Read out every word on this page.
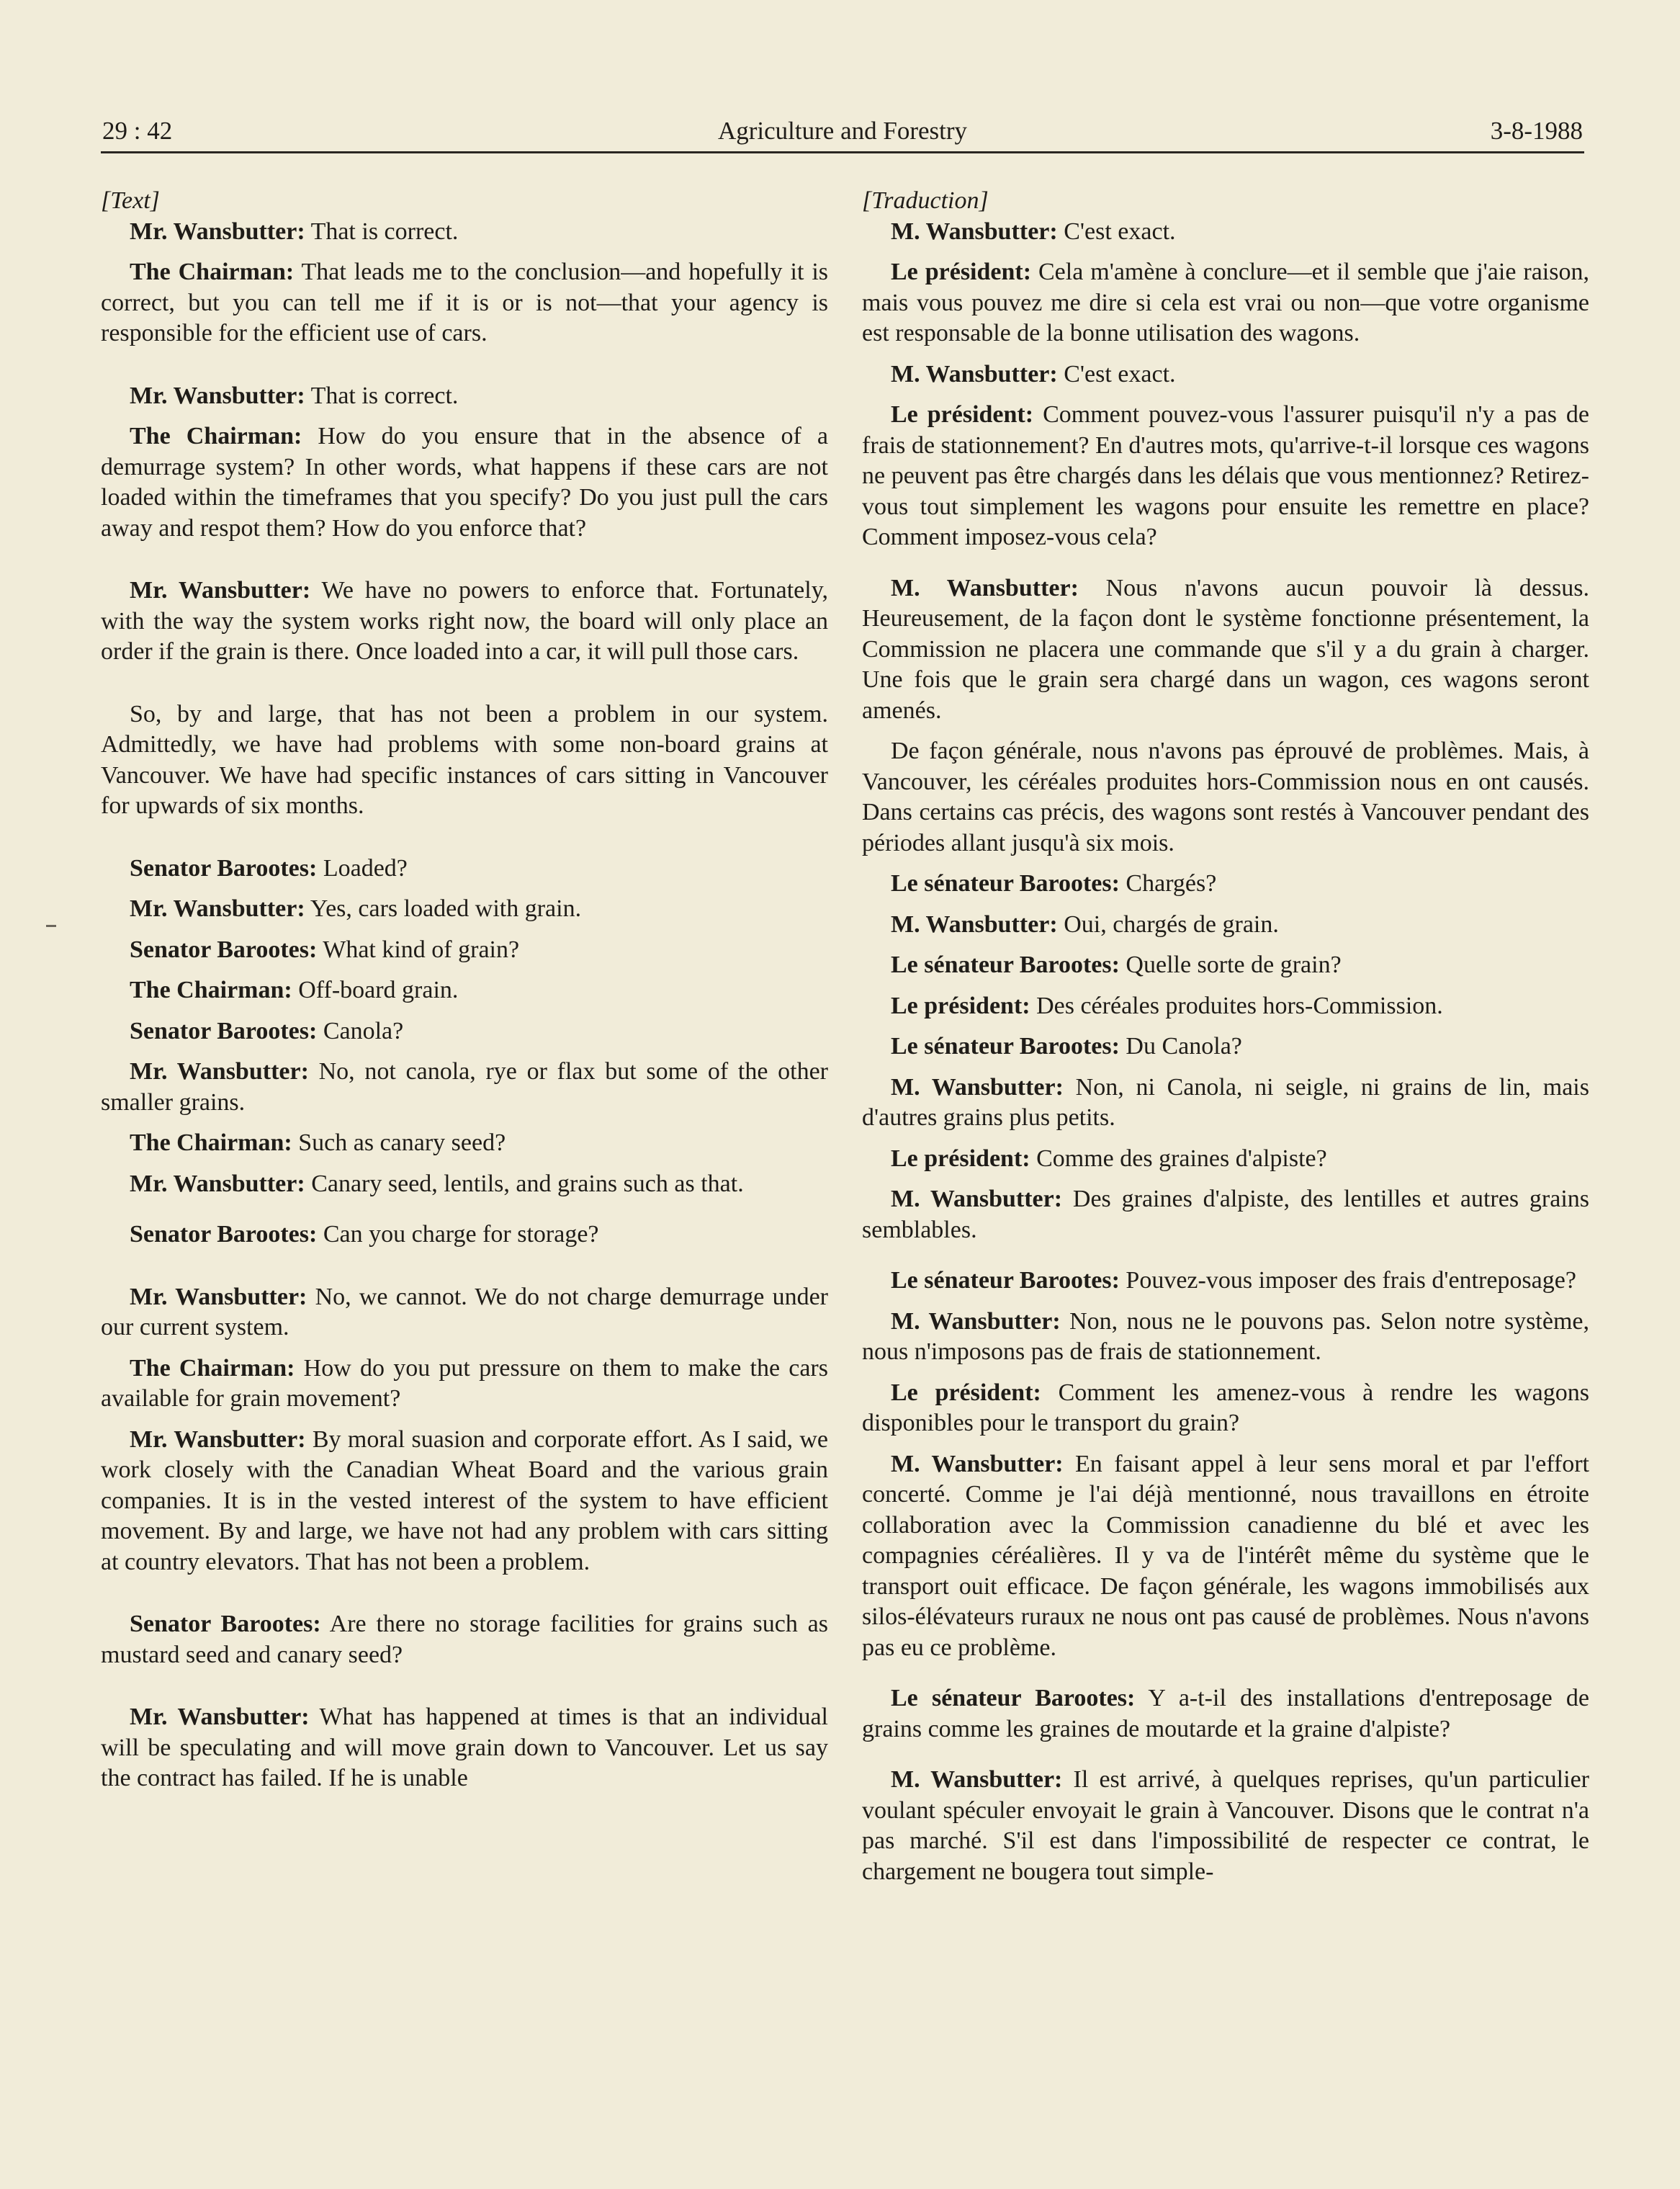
29 : 42	Agriculture and Forestry	3-8-1988

[Text]

Mr. Wansbutter: That is correct.

The Chairman: That leads me to the conclusion—and hopefully it is correct, but you can tell me if it is or is not—that your agency is responsible for the efficient use of cars.

Mr. Wansbutter: That is correct.

The Chairman: How do you ensure that in the absence of a demurrage system? In other words, what happens if these cars are not loaded within the timeframes that you specify? Do you just pull the cars away and respot them? How do you enforce that?

Mr. Wansbutter: We have no powers to enforce that. Fortunately, with the way the system works right now, the board will only place an order if the grain is there. Once loaded into a car, it will pull those cars.

So, by and large, that has not been a problem in our system. Admittedly, we have had problems with some non-board grains at Vancouver. We have had specific instances of cars sitting in Vancouver for upwards of six months.

Senator Barootes: Loaded?

Mr. Wansbutter: Yes, cars loaded with grain.

Senator Barootes: What kind of grain?

The Chairman: Off-board grain.

Senator Barootes: Canola?

Mr. Wansbutter: No, not canola, rye or flax but some of the other smaller grains.

The Chairman: Such as canary seed?

Mr. Wansbutter: Canary seed, lentils, and grains such as that.

Senator Barootes: Can you charge for storage?

Mr. Wansbutter: No, we cannot. We do not charge demurrage under our current system.

The Chairman: How do you put pressure on them to make the cars available for grain movement?

Mr. Wansbutter: By moral suasion and corporate effort. As I said, we work closely with the Canadian Wheat Board and the various grain companies. It is in the vested interest of the system to have efficient movement. By and large, we have not had any problem with cars sitting at country elevators. That has not been a problem.

Senator Barootes: Are there no storage facilities for grains such as mustard seed and canary seed?

Mr. Wansbutter: What has happened at times is that an individual will be speculating and will move grain down to Vancouver. Let us say the contract has failed. If he is unable

[Traduction]

M. Wansbutter: C'est exact.

Le président: Cela m'amène à conclure—et il semble que j'aie raison, mais vous pouvez me dire si cela est vrai ou non—que votre organisme est responsable de la bonne utilisation des wagons.

M. Wansbutter: C'est exact.

Le président: Comment pouvez-vous l'assurer puisqu'il n'y a pas de frais de stationnement? En d'autres mots, qu'arrive-t-il lorsque ces wagons ne peuvent pas être chargés dans les délais que vous mentionnez? Retirez-vous tout simplement les wagons pour ensuite les remettre en place? Comment imposez-vous cela?

M. Wansbutter: Nous n'avons aucun pouvoir là dessus. Heureusement, de la façon dont le système fonctionne présentement, la Commission ne placera une commande que s'il y a du grain à charger. Une fois que le grain sera chargé dans un wagon, ces wagons seront amenés.

De façon générale, nous n'avons pas éprouvé de problèmes. Mais, à Vancouver, les céréales produites hors-Commission nous en ont causés. Dans certains cas précis, des wagons sont restés à Vancouver pendant des périodes allant jusqu'à six mois.

Le sénateur Barootes: Chargés?

M. Wansbutter: Oui, chargés de grain.

Le sénateur Barootes: Quelle sorte de grain?

Le président: Des céréales produites hors-Commission.

Le sénateur Barootes: Du Canola?

M. Wansbutter: Non, ni Canola, ni seigle, ni grains de lin, mais d'autres grains plus petits.

Le président: Comme des graines d'alpiste?

M. Wansbutter: Des graines d'alpiste, des lentilles et autres grains semblables.

Le sénateur Barootes: Pouvez-vous imposer des frais d'entreposage?

M. Wansbutter: Non, nous ne le pouvons pas. Selon notre système, nous n'imposons pas de frais de stationnement.

Le président: Comment les amenez-vous à rendre les wagons disponibles pour le transport du grain?

M. Wansbutter: En faisant appel à leur sens moral et par l'effort concerté. Comme je l'ai déjà mentionné, nous travaillons en étroite collaboration avec la Commission canadienne du blé et avec les compagnies céréalières. Il y va de l'intérêt même du système que le transport ouit efficace. De façon générale, les wagons immobilisés aux silos-élévateurs ruraux ne nous ont pas causé de problèmes. Nous n'avons pas eu ce problème.

Le sénateur Barootes: Y a-t-il des installations d'entreposage de grains comme les graines de moutarde et la graine d'alpiste?

M. Wansbutter: Il est arrivé, à quelques reprises, qu'un particulier voulant spéculer envoyait le grain à Vancouver. Disons que le contrat n'a pas marché. S'il est dans l'impossibilité de respecter ce contrat, le chargement ne bougera tout simple-
